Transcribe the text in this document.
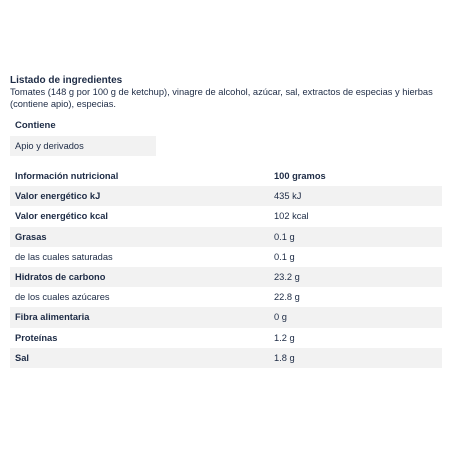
Listado de ingredientes
Tomates (148 g por 100 g de ketchup), vinagre de alcohol, azúcar, sal, extractos de especias y hierbas (contiene apio), especias.
Contiene
Apio y derivados
Información nutricional	100 gramos
Valor energético kJ	435 kJ
Valor energético kcal	102 kcal
Grasas	0.1 g
de las cuales saturadas	0.1 g
Hidratos de carbono	23.2 g
de los cuales azúcares	22.8 g
Fibra alimentaria	0 g
Proteínas	1.2 g
Sal	1.8 g
